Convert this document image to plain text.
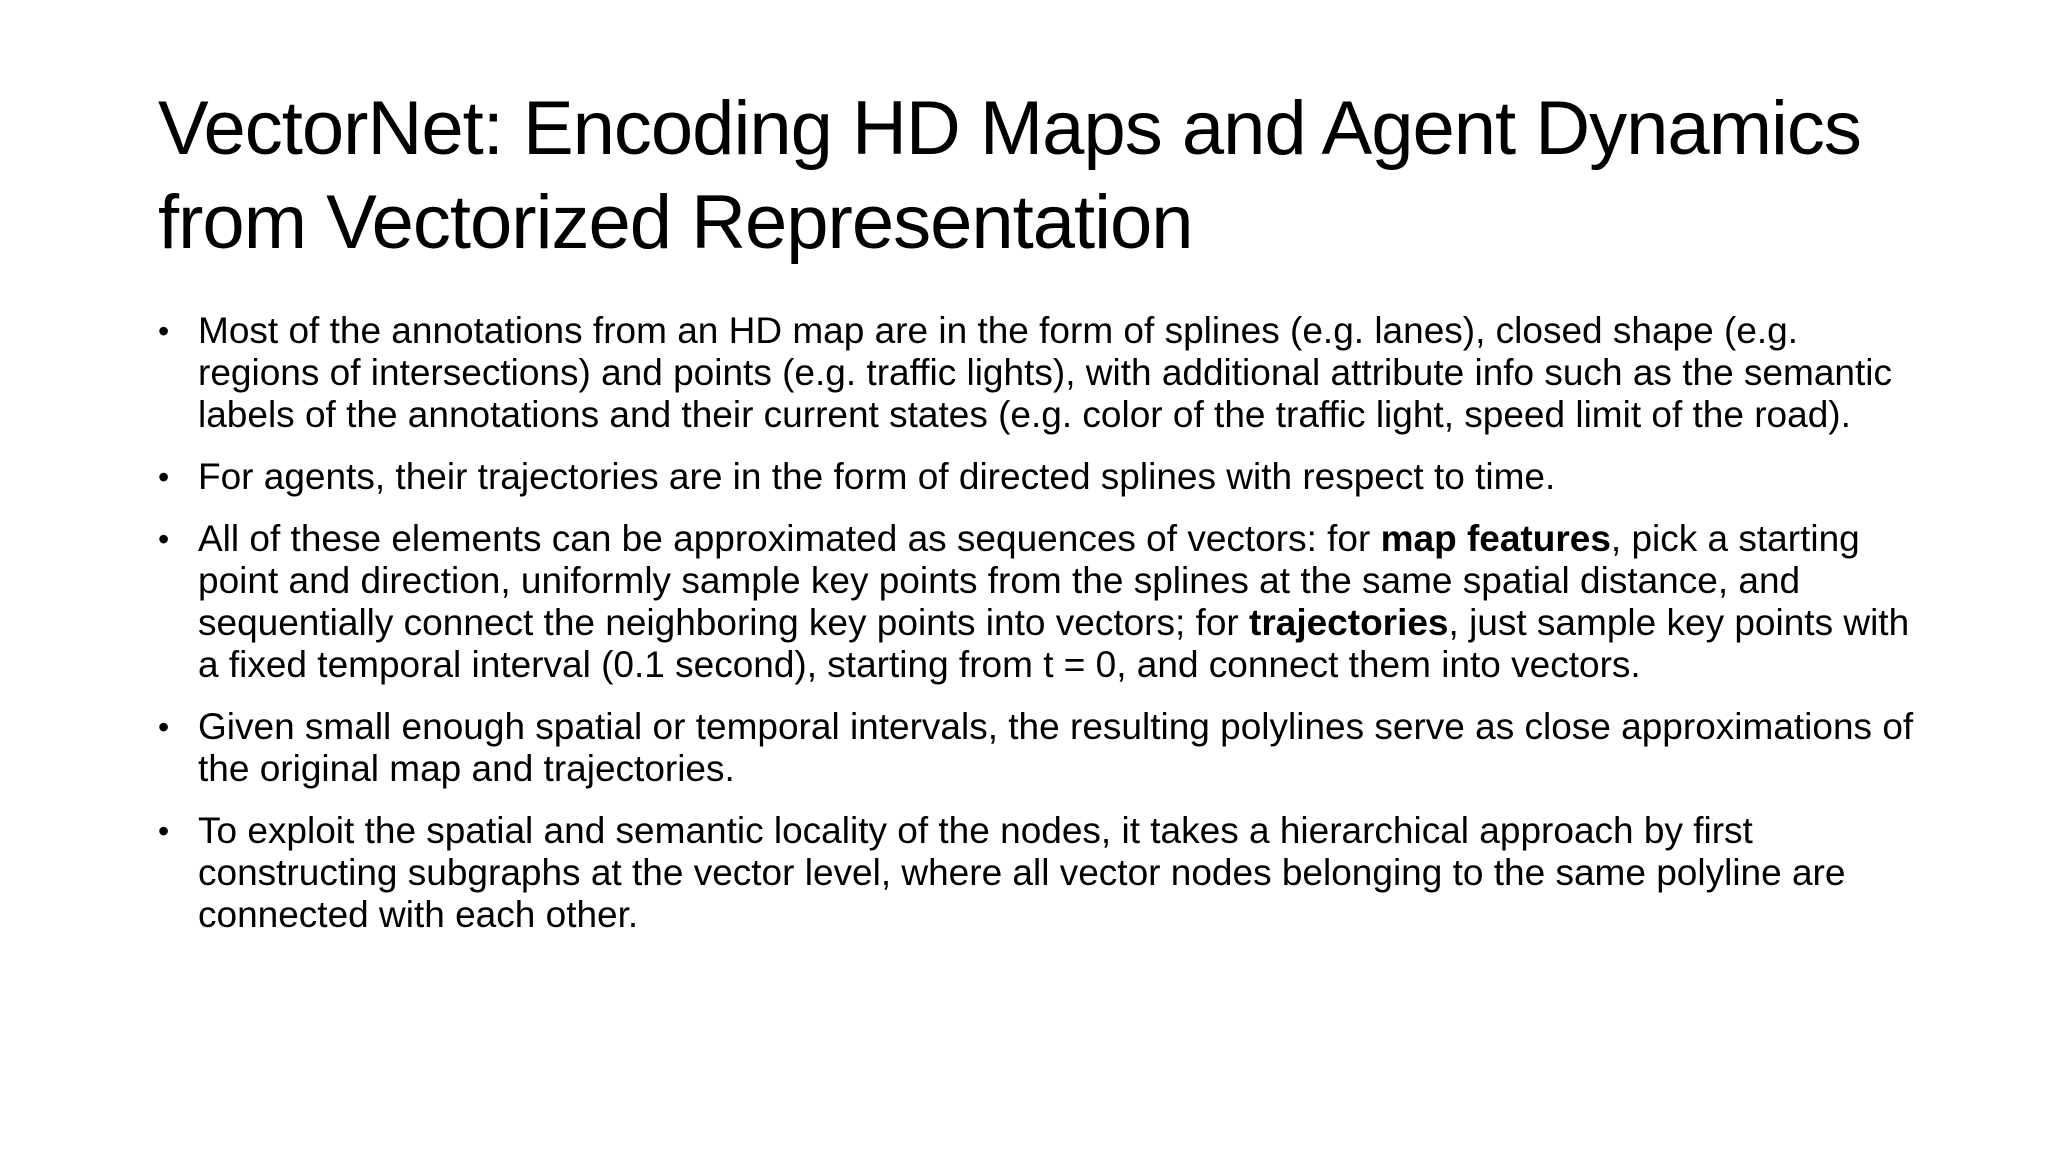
VectorNet: Encoding HD Maps and Agent Dynamics from Vectorized Representation
• Most of the annotations from an HD map are in the form of splines (e.g. lanes), closed shape (e.g. regions of intersections) and points (e.g. traffic lights), with additional attribute info such as the semantic labels of the annotations and their current states (e.g. color of the traffic light, speed limit of the road).
• For agents, their trajectories are in the form of directed splines with respect to time.
• All of these elements can be approximated as sequences of vectors: for map features, pick a starting point and direction, uniformly sample key points from the splines at the same spatial distance, and sequentially connect the neighboring key points into vectors; for trajectories, just sample key points with a fixed temporal interval (0.1 second), starting from t = 0, and connect them into vectors.
• Given small enough spatial or temporal intervals, the resulting polylines serve as close approximations of the original map and trajectories.
• To exploit the spatial and semantic locality of the nodes, it takes a hierarchical approach by first constructing subgraphs at the vector level, where all vector nodes belonging to the same polyline are connected with each other.
